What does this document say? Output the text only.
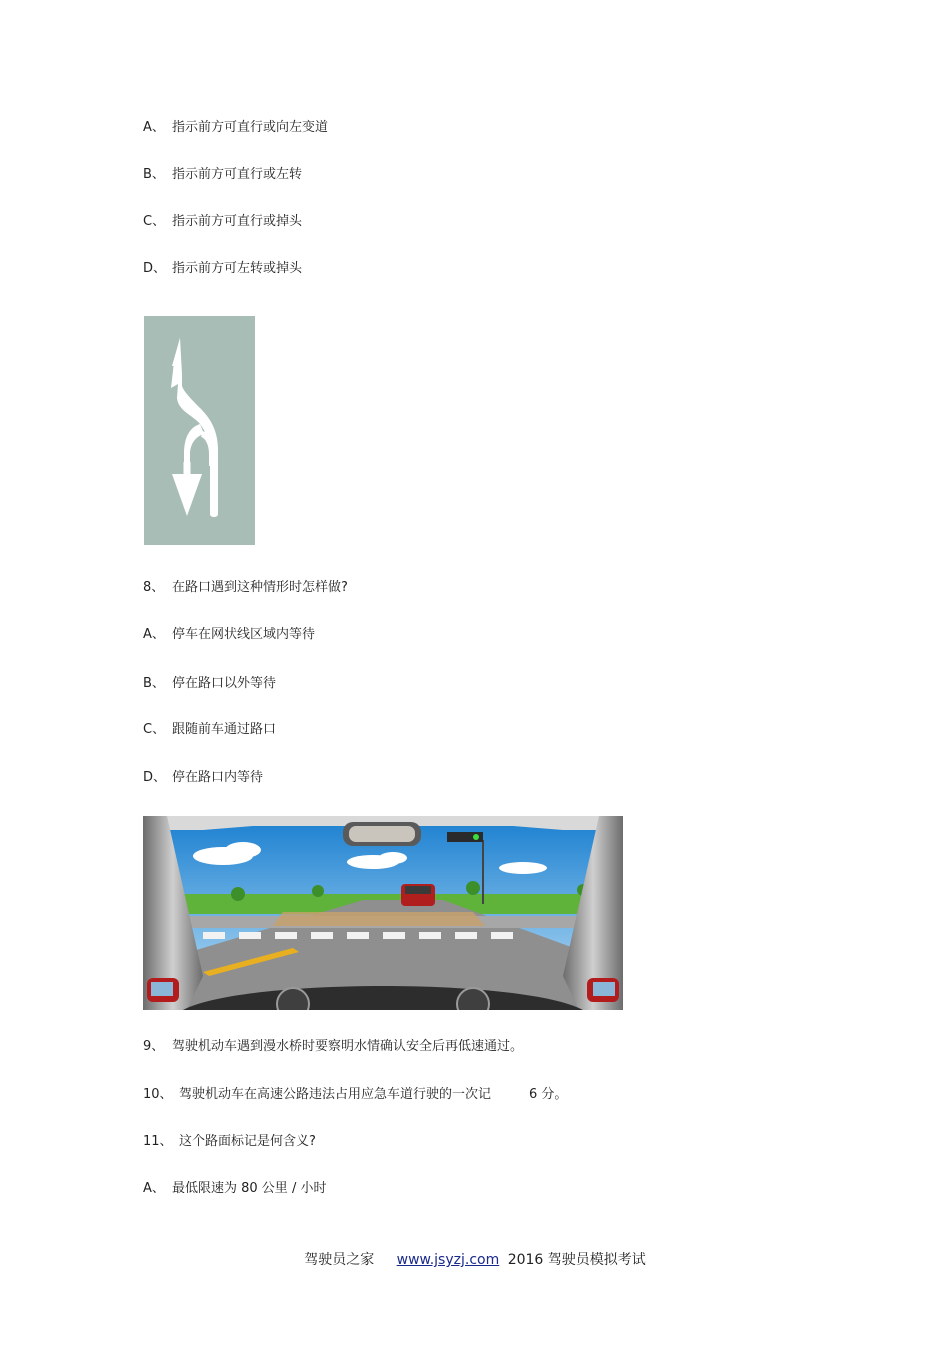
A、 指示前方可直行或向左变道
B、 指示前方可直行或左转
C、 指示前方可直行或掉头
D、 指示前方可左转或掉头
8、 在路口遇到这种情形时怎样做?
A、 停车在网状线区域内等待
B、 停在路口以外等待
C、 跟随前车通过路口
D、 停在路口内等待
9、 驾驶机动车遇到漫水桥时要察明水情确认安全后再低速通过。
10、 驾驶机动车在高速公路违法占用应急车道行驶的一次记	6 分。
11、 这个路面标记是何含义?
A、 最低限速为 80 公里 / 小时
驾驶员之家 www.jsyzj.com 2016 驾驶员模拟考试
